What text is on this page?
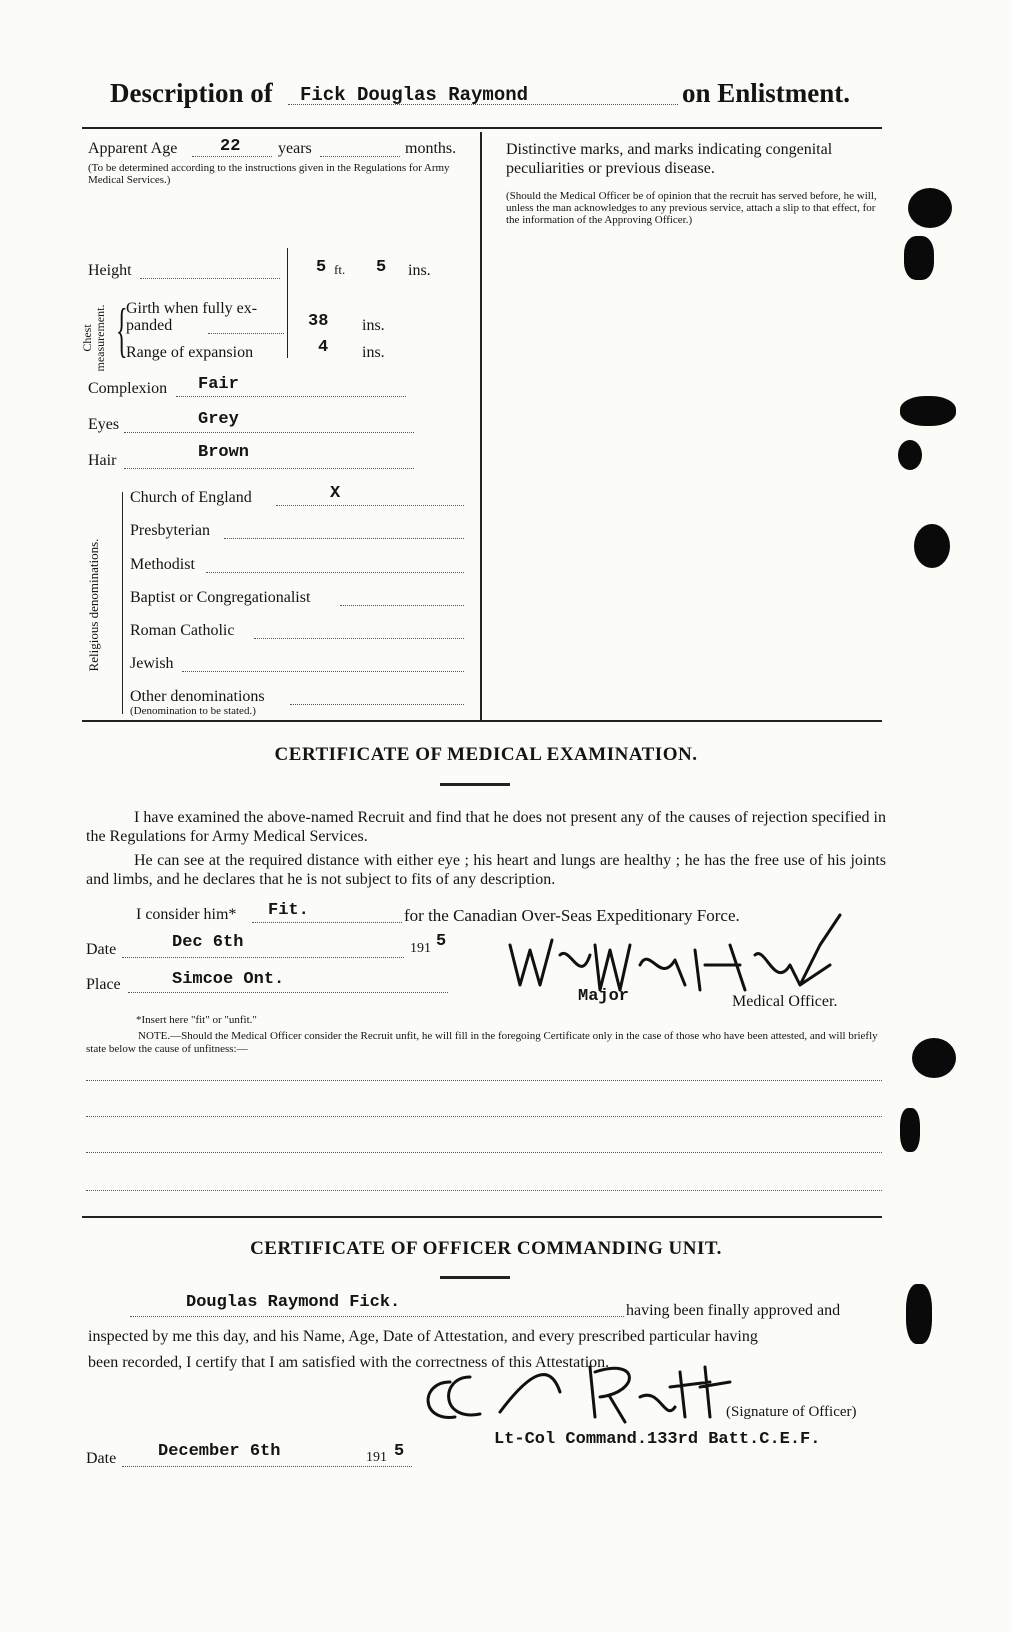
Description of Fick Douglas Raymond	on Enlistment.
Apparent Age	22 years	months.
(To be determined according to the instructions given in the Regulations for Army Medical Services.)
Height	5 ft. 5 ins.
Chest measurement. {
Girth when fully ex-
panded	38 ins.
Range of expansion	4 ins.
Complexion Fair
Eyes	Grey
Hair	Brown
Religious denominations.
Church of England	X
Presbyterian
Methodist
Baptist or Congregationalist
Roman Catholic
Jewish
Other denominations
(Denomination to be stated.)
Distinctive marks, and marks indicating congenital
peculiarities or previous disease.
(Should the Medical Officer be of opinion that the recruit has served before, he will, unless the man acknowledges to any previous service, attach a slip to that effect, for the information of the Approving Officer.)
CERTIFICATE OF MEDICAL EXAMINATION.
I have examined the above-named Recruit and find that he does not present any of the causes of rejection specified in the Regulations for Army Medical Services.
He can see at the required distance with either eye ; his heart and lungs are healthy ; he has the free use of his joints and limbs, and he declares that he is not subject to fits of any description.
I consider him* Fit.	for the Canadian Over-Seas Expeditionary Force.
Date	Dec 6th	191 5
Place	Simcoe Ont.
Major	Medical Officer.
*Insert here "fit" or "unfit."
NOTE.—Should the Medical Officer consider the Recruit unfit, he will fill in the foregoing Certificate only in the case of those who have been attested, and will briefly state below the cause of unfitness:—
CERTIFICATE OF OFFICER COMMANDING UNIT.
Douglas Raymond Fick.	having been finally approved and
inspected by me this day, and his Name, Age, Date of Attestation, and every prescribed particular having
been recorded, I certify that I am satisfied with the correctness of this Attestation.
(Signature of Officer)
Date December 6th	191 5
Lt-Col Command.133rd Batt.C.E.F.
